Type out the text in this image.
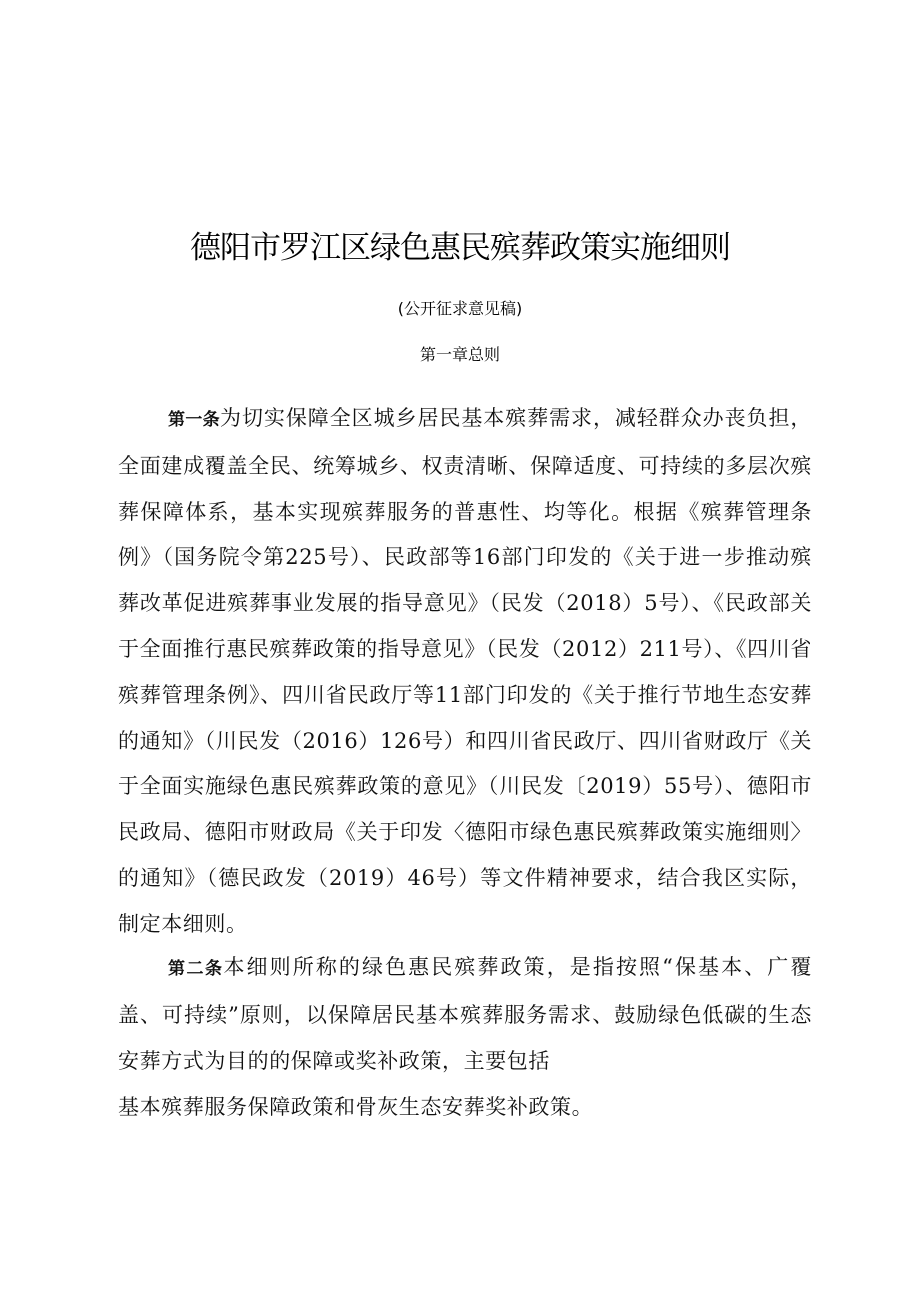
德阳市罗江区绿色惠民殡葬政策实施细则
(公开征求意见稿)
第一章总则

第一条为切实保障全区城乡居民基本殡葬需求，减轻群众办丧负担，全面建成覆盖全民、统筹城乡、权责清晰、保障适度、可持续的多层次殡葬保障体系，基本实现殡葬服务的普惠性、均等化。根据《殡葬管理条例》（国务院令第225号）、民政部等16部门印发的《关于进一步推动殡葬改革促进殡葬事业发展的指导意见》（民发（2018）5号）、《民政部关于全面推行惠民殡葬政策的指导意见》（民发（2012）211号）、《四川省殡葬管理条例》、四川省民政厅等11部门印发的《关于推行节地生态安葬的通知》（川民发（2016）126号）和四川省民政厅、四川省财政厅《关于全面实施绿色惠民殡葬政策的意见》（川民发〔2019）55号）、德阳市民政局、德阳市财政局《关于印发〈德阳市绿色惠民殡葬政策实施细则〉的通知》（德民政发（2019）46号）等文件精神要求，结合我区实际，制定本细则。

第二条本细则所称的绿色惠民殡葬政策，是指按照“保基本、广覆盖、可持续”原则，以保障居民基本殡葬服务需求、鼓励绿色低碳的生态安葬方式为目的的保障或奖补政策，主要包括

基本殡葬服务保障政策和骨灰生态安葬奖补政策。
